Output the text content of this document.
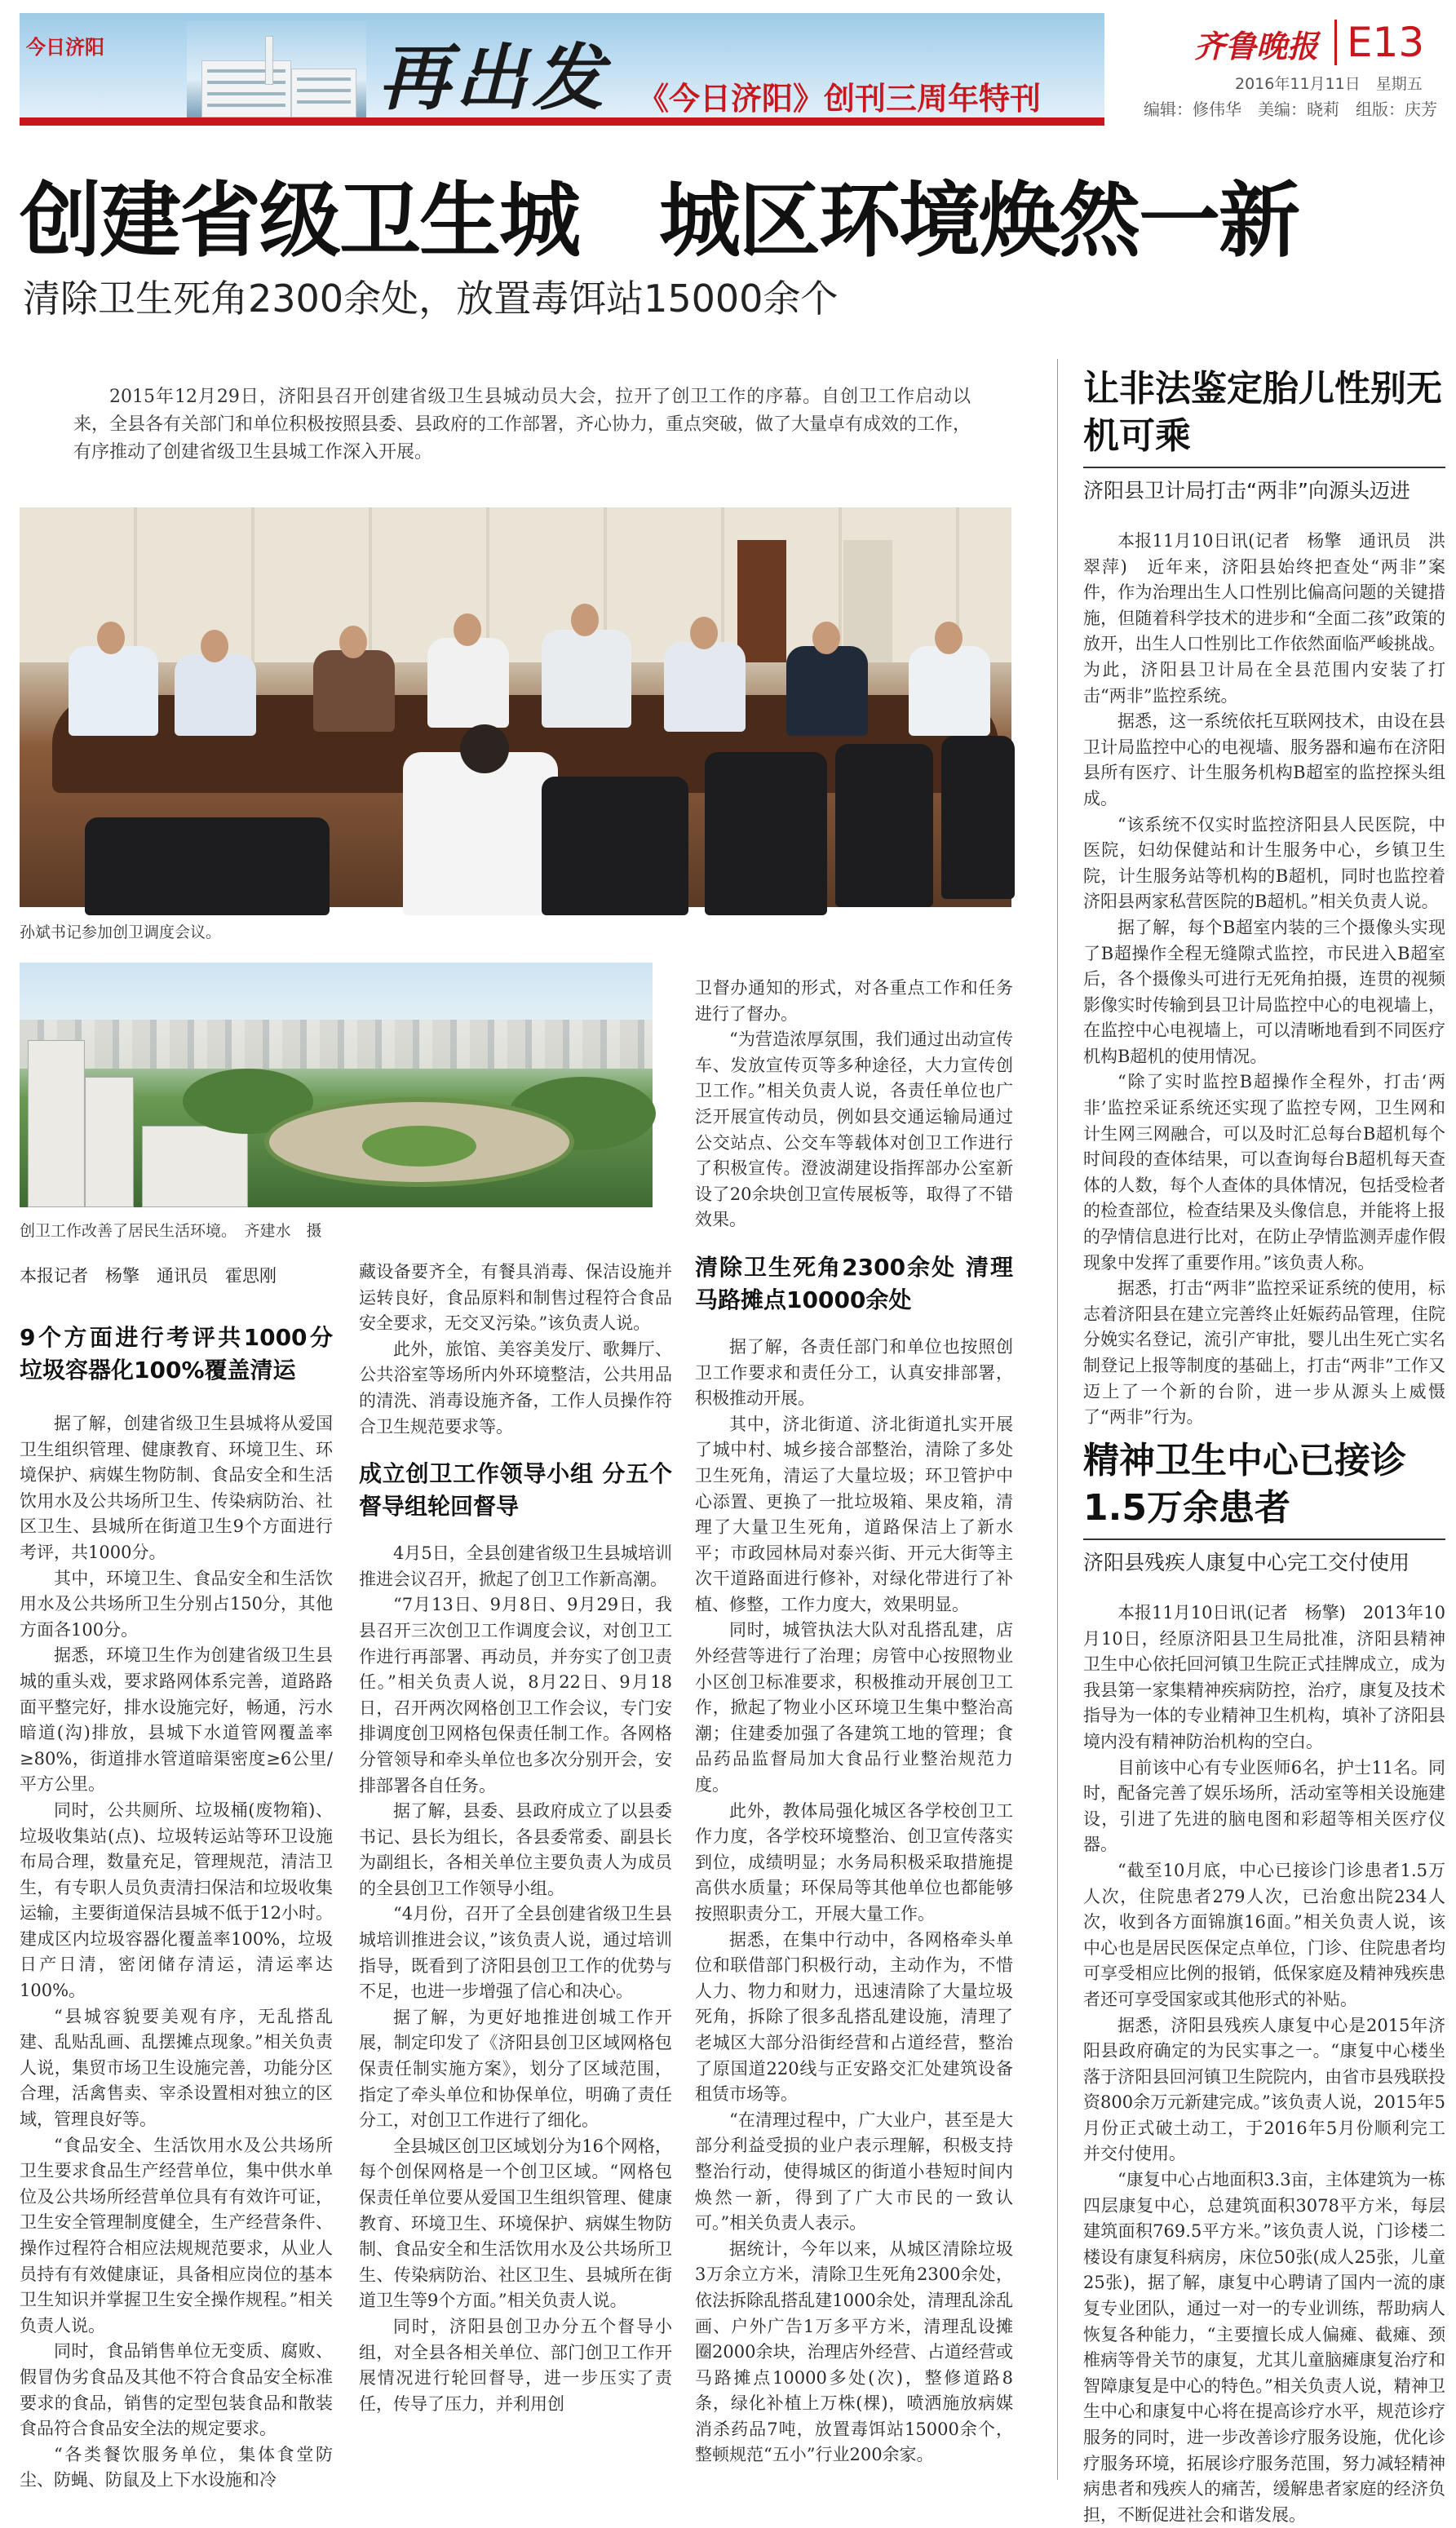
今日济阳	再出发 《今日济阳》创刊三周年特刊
齐鲁晚报 E13
2016年11月11日　星期五
编辑：修伟华　美编：晓莉　组版：庆芳
创建省级卫生城　城区环境焕然一新
清除卫生死角2300余处，放置毒饵站15000余个
2015年12月29日，济阳县召开创建省级卫生县城动员大会，拉开了创卫工作的序幕。自创卫工作启动以来，全县各有关部门和单位积极按照县委、县政府的工作部署，齐心协力，重点突破，做了大量卓有成效的工作，有序推动了创建省级卫生县城工作深入开展。
孙斌书记参加创卫调度会议。
创卫工作改善了居民生活环境。　齐建水　摄
本报记者　杨擎　通讯员　霍思刚
9个方面进行考评共1000分 垃圾容器化100%覆盖清运

据了解，创建省级卫生县城将从爱国卫生组织管理、健康教育、环境卫生、环境保护、病媒生物防制、食品安全和生活饮用水及公共场所卫生、传染病防治、社区卫生、县城所在街道卫生9个方面进行考评，共1000分。

其中，环境卫生、食品安全和生活饮用水及公共场所卫生分别占150分，其他方面各100分。

据悉，环境卫生作为创建省级卫生县城的重头戏，要求路网体系完善，道路路面平整完好，排水设施完好，畅通，污水暗道(沟)排放，县城下水道管网覆盖率≥80%，街道排水管道暗渠密度≥6公里/平方公里。

同时，公共厕所、垃圾桶(废物箱)、垃圾收集站(点)、垃圾转运站等环卫设施布局合理，数量充足，管理规范，清洁卫生，有专职人员负责清扫保洁和垃圾收集运输，主要街道保洁县城不低于12小时。建成区内垃圾容器化覆盖率100%，垃圾日产日清，密闭储存清运，清运率达100%。

“县城容貌要美观有序，无乱搭乱建、乱贴乱画、乱摆摊点现象。”相关负责人说，集贸市场卫生设施完善，功能分区合理，活禽售卖、宰杀设置相对独立的区域，管理良好等。

“食品安全、生活饮用水及公共场所卫生要求食品生产经营单位，集中供水单位及公共场所经营单位具有有效许可证，卫生安全管理制度健全，生产经营条件、操作过程符合相应法规规范要求，从业人员持有有效健康证，具备相应岗位的基本卫生知识并掌握卫生安全操作规程。”相关负责人说。

同时，食品销售单位无变质、腐败、假冒伪劣食品及其他不符合食品安全标准要求的食品，销售的定型包装食品和散装食品符合食品安全法的规定要求。

“各类餐饮服务单位，集体食堂防尘、防蝇、防鼠及上下水设施和冷

藏设备要齐全，有餐具消毒、保洁设施并运转良好，食品原料和制售过程符合食品安全要求，无交叉污染。”该负责人说。

此外，旅馆、美容美发厅、歌舞厅、公共浴室等场所内外环境整洁，公共用品的清洗、消毒设施齐备，工作人员操作符合卫生规范要求等。

成立创卫工作领导小组 分五个督导组轮回督导

4月5日，全县创建省级卫生县城培训推进会议召开，掀起了创卫工作新高潮。

“7月13日、9月8日、9月29日，我县召开三次创卫工作调度会议，对创卫工作进行再部署、再动员，并夯实了创卫责任。”相关负责人说，8月22日、9月18日，召开两次网格创卫工作会议，专门安排调度创卫网格包保责任制工作。各网格分管领导和牵头单位也多次分别开会，安排部署各自任务。

据了解，县委、县政府成立了以县委书记、县长为组长，各县委常委、副县长为副组长，各相关单位主要负责人为成员的全县创卫工作领导小组。

“4月份，召开了全县创建省级卫生县城培训推进会议，”该负责人说，通过培训指导，既看到了济阳县创卫工作的优势与不足，也进一步增强了信心和决心。

据了解，为更好地推进创城工作开展，制定印发了《济阳县创卫区域网格包保责任制实施方案》，划分了区域范围，指定了牵头单位和协保单位，明确了责任分工，对创卫工作进行了细化。

全县城区创卫区域划分为16个网格，每个创保网格是一个创卫区域。“网格包保责任单位要从爱国卫生组织管理、健康教育、环境卫生、环境保护、病媒生物防制、食品安全和生活饮用水及公共场所卫生、传染病防治、社区卫生、县城所在街道卫生等9个方面。”相关负责人说。

同时，济阳县创卫办分五个督导小组，对全县各相关单位、部门创卫工作开展情况进行轮回督导，进一步压实了责任，传导了压力，并利用创

卫督办通知的形式，对各重点工作和任务进行了督办。

“为营造浓厚氛围，我们通过出动宣传车、发放宣传页等多种途径，大力宣传创卫工作。”相关负责人说，各责任单位也广泛开展宣传动员，例如县交通运输局通过公交站点、公交车等载体对创卫工作进行了积极宣传。澄波湖建设指挥部办公室新设了20余块创卫宣传展板等，取得了不错效果。

清除卫生死角2300余处 清理马路摊点10000余处

据了解，各责任部门和单位也按照创卫工作要求和责任分工，认真安排部署，积极推动开展。

其中，济北街道、济北街道扎实开展了城中村、城乡接合部整治，清除了多处卫生死角，清运了大量垃圾；环卫管护中心添置、更换了一批垃圾箱、果皮箱，清理了大量卫生死角，道路保洁上了新水平；市政园林局对泰兴街、开元大街等主次干道路面进行修补，对绿化带进行了补植、修整，工作力度大，效果明显。

同时，城管执法大队对乱搭乱建，店外经营等进行了治理；房管中心按照物业小区创卫标准要求，积极推动开展创卫工作，掀起了物业小区环境卫生集中整治高潮；住建委加强了各建筑工地的管理；食品药品监督局加大食品行业整治规范力度。

此外，教体局强化城区各学校创卫工作力度，各学校环境整治、创卫宣传落实到位，成绩明显；水务局积极采取措施提高供水质量；环保局等其他单位也都能够按照职责分工，开展大量工作。

据悉，在集中行动中，各网格牵头单位和联借部门积极行动，主动作为，不惜人力、物力和财力，迅速清除了大量垃圾死角，拆除了很多乱搭乱建设施，清理了老城区大部分沿街经营和占道经营，整治了原国道220线与正安路交汇处建筑设备租赁市场等。

“在清理过程中，广大业户，甚至是大部分利益受损的业户表示理解，积极支持整治行动，使得城区的街道小巷短时间内焕然一新，得到了广大市民的一致认可。”相关负责人表示。

据统计，今年以来，从城区清除垃圾3万余立方米，清除卫生死角2300余处，依法拆除乱搭乱建1000余处，清理乱涂乱画、户外广告1万多平方米，清理乱设摊圈2000余块，治理店外经营、占道经营或马路摊点10000多处(次)，整修道路8条，绿化补植上万株(棵)，喷洒施放病媒消杀药品7吨，放置毒饵站15000余个，整顿规范“五小”行业200余家。

让非法鉴定胎儿性别无机可乘
济阳县卫计局打击“两非”向源头迈进

本报11月10日讯(记者　杨擎　通讯员　洪翠萍)　近年来，济阳县始终把查处“两非”案件，作为治理出生人口性别比偏高问题的关键措施，但随着科学技术的进步和“全面二孩”政策的放开，出生人口性别比工作依然面临严峻挑战。为此，济阳县卫计局在全县范围内安装了打击“两非”监控系统。

据悉，这一系统依托互联网技术，由设在县卫计局监控中心的电视墙、服务器和遍布在济阳县所有医疗、计生服务机构B超室的监控探头组成。

“该系统不仅实时监控济阳县人民医院，中医院，妇幼保健站和计生服务中心，乡镇卫生院，计生服务站等机构的B超机，同时也监控着济阳县两家私营医院的B超机。”相关负责人说。

据了解，每个B超室内装的三个摄像头实现了B超操作全程无缝隙式监控，市民进入B超室后，各个摄像头可进行无死角拍摄，连贯的视频影像实时传输到县卫计局监控中心的电视墙上，在监控中心电视墙上，可以清晰地看到不同医疗机构B超机的使用情况。

“除了实时监控B超操作全程外，打击‘两非’监控采证系统还实现了监控专网，卫生网和计生网三网融合，可以及时汇总每台B超机每个时间段的查体结果，可以查询每台B超机每天查体的人数，每个人查体的具体情况，包括受检者的检查部位，检查结果及头像信息，并能将上报的孕情信息进行比对，在防止孕情监测弄虚作假现象中发挥了重要作用。”该负责人称。

据悉，打击“两非”监控采证系统的使用，标志着济阳县在建立完善终止妊娠药品管理，住院分娩实名登记，流引产审批，婴儿出生死亡实名制登记上报等制度的基础上，打击“两非”工作又迈上了一个新的台阶，进一步从源头上威慑了“两非”行为。

精神卫生中心已接诊1.5万余患者
济阳县残疾人康复中心完工交付使用

本报11月10日讯(记者　杨擎)　2013年10月10日，经原济阳县卫生局批准，济阳县精神卫生中心依托回河镇卫生院正式挂牌成立，成为我县第一家集精神疾病防控，治疗，康复及技术指导为一体的专业精神卫生机构，填补了济阳县境内没有精神防治机构的空白。

目前该中心有专业医师6名，护士11名。同时，配备完善了娱乐场所，活动室等相关设施建设，引进了先进的脑电图和彩超等相关医疗仪器。

“截至10月底，中心已接诊门诊患者1.5万人次，住院患者279人次，已治愈出院234人次，收到各方面锦旗16面。”相关负责人说，该中心也是居民医保定点单位，门诊、住院患者均可享受相应比例的报销，低保家庭及精神残疾患者还可享受国家或其他形式的补贴。

据悉，济阳县残疾人康复中心是2015年济阳县政府确定的为民实事之一。“康复中心楼坐落于济阳县回河镇卫生院院内，由省市县残联投资800余万元新建完成。”该负责人说，2015年5月份正式破土动工，于2016年5月份顺利完工并交付使用。

“康复中心占地面积3.3亩，主体建筑为一栋四层康复中心，总建筑面积3078平方米，每层建筑面积769.5平方米。”该负责人说，门诊楼二楼设有康复科病房，床位50张(成人25张，儿童25张)，据了解，康复中心聘请了国内一流的康复专业团队，通过一对一的专业训练，帮助病人恢复各种能力，“主要擅长成人偏瘫、截瘫、颈椎病等骨关节的康复，尤其儿童脑瘫康复治疗和智障康复是中心的特色。”相关负责人说，精神卫生中心和康复中心将在提高诊疗水平，规范诊疗服务的同时，进一步改善诊疗服务设施，优化诊疗服务环境，拓展诊疗服务范围，努力减轻精神病患者和残疾人的痛苦，缓解患者家庭的经济负担，不断促进社会和谐发展。
